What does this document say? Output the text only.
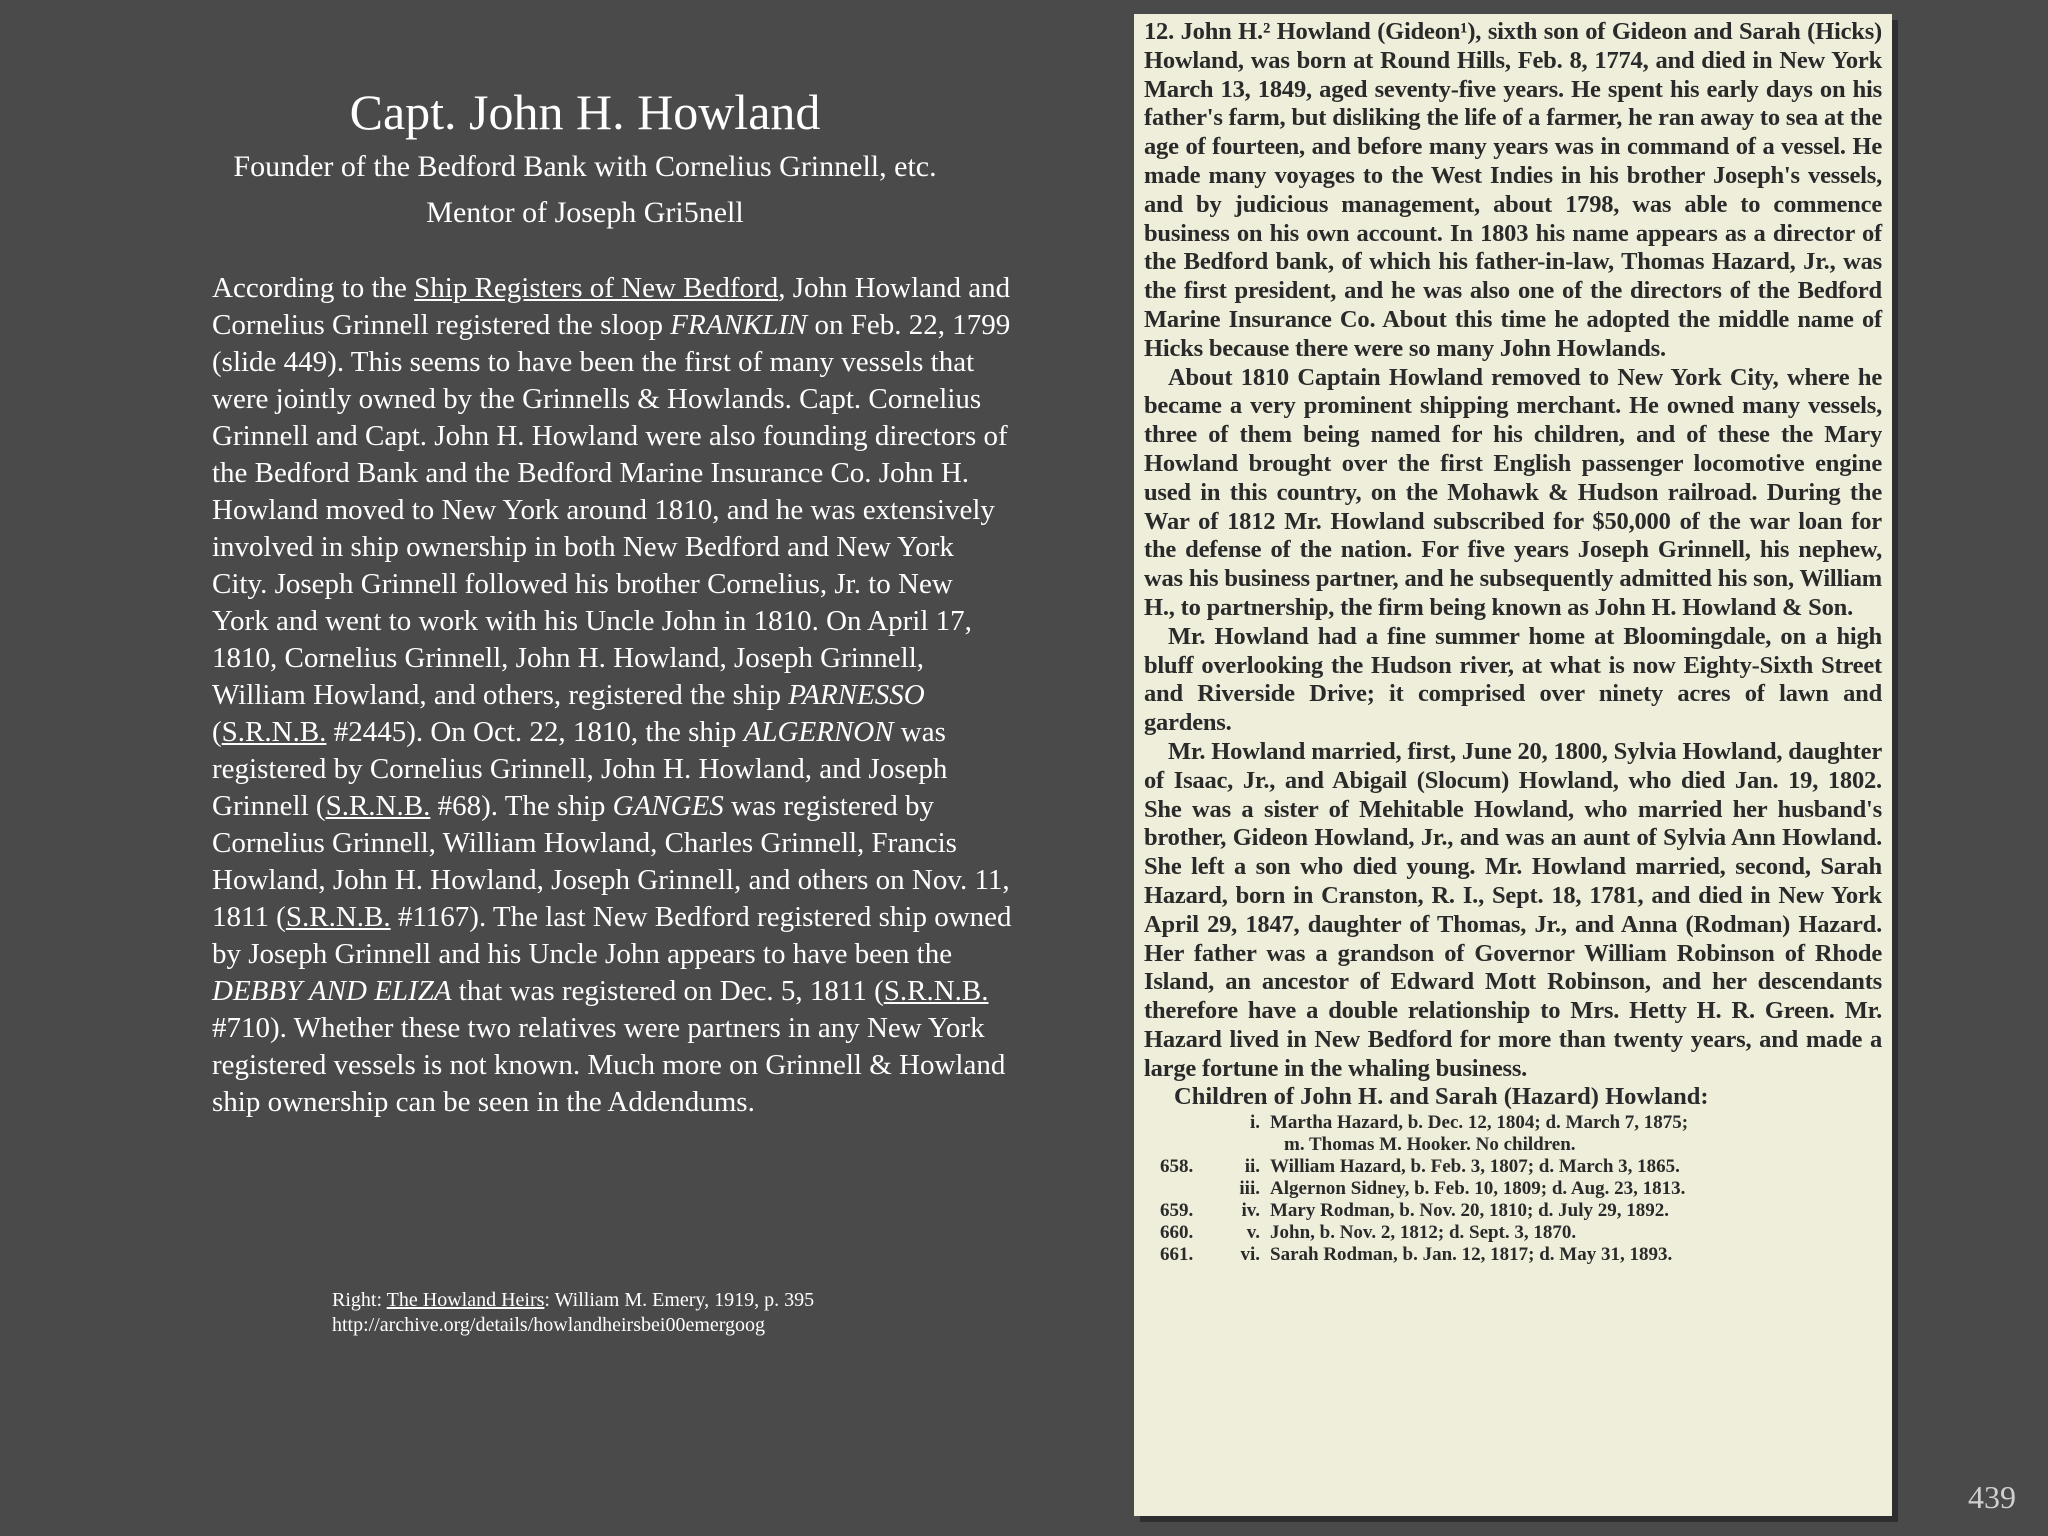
Capt. John H. Howland

Founder of the Bedford Bank with Cornelius Grinnell, etc.

Mentor of Joseph Gri5nell

According to the Ship Registers of New Bedford, John Howland and Cornelius Grinnell registered the sloop FRANKLIN on Feb. 22, 1799 (slide 449). This seems to have been the first of many vessels that were jointly owned by the Grinnells & Howlands. Capt. Cornelius Grinnell and Capt. John H. Howland were also founding directors of the Bedford Bank and the Bedford Marine Insurance Co. John H. Howland moved to New York around 1810, and he was extensively involved in ship ownership in both New Bedford and New York City. Joseph Grinnell followed his brother Cornelius, Jr. to New York and went to work with his Uncle John in 1810. On April 17, 1810, Cornelius Grinnell, John H. Howland, Joseph Grinnell, William Howland, and others, registered the ship PARNESSO (S.R.N.B. #2445). On Oct. 22, 1810, the ship ALGERNON was registered by Cornelius Grinnell, John H. Howland, and Joseph Grinnell (S.R.N.B. #68). The ship GANGES was registered by Cornelius Grinnell, William Howland, Charles Grinnell, Francis Howland, John H. Howland, Joseph Grinnell, and others on Nov. 11, 1811 (S.R.N.B. #1167). The last New Bedford registered ship owned by Joseph Grinnell and his Uncle John appears to have been the DEBBY AND ELIZA that was registered on Dec. 5, 1811 (S.R.N.B. #710). Whether these two relatives were partners in any New York registered vessels is not known. Much more on Grinnell & Howland ship ownership can be seen in the Addendums.

Right: The Howland Heirs: William M. Emery, 1919, p. 395
http://archive.org/details/howlandheirsbei00emergoog

12. John H.² Howland (Gideon¹), sixth son of Gideon and Sarah (Hicks) Howland, was born at Round Hills, Feb. 8, 1774, and died in New York March 13, 1849, aged seventy-five years. He spent his early days on his father's farm, but disliking the life of a farmer, he ran away to sea at the age of fourteen, and before many years was in command of a vessel. He made many voyages to the West Indies in his brother Joseph's vessels, and by judicious management, about 1798, was able to commence business on his own account. In 1803 his name appears as a director of the Bedford bank, of which his father-in-law, Thomas Hazard, Jr., was the first president, and he was also one of the directors of the Bedford Marine Insurance Co. About this time he adopted the middle name of Hicks because there were so many John Howlands.

About 1810 Captain Howland removed to New York City, where he became a very prominent shipping merchant. He owned many vessels, three of them being named for his children, and of these the Mary Howland brought over the first English passenger locomotive engine used in this country, on the Mohawk & Hudson railroad. During the War of 1812 Mr. Howland subscribed for $50,000 of the war loan for the defense of the nation. For five years Joseph Grinnell, his nephew, was his business partner, and he subsequently admitted his son, William H., to partnership, the firm being known as John H. Howland & Son.

Mr. Howland had a fine summer home at Bloomingdale, on a high bluff overlooking the Hudson river, at what is now Eighty-Sixth Street and Riverside Drive; it comprised over ninety acres of lawn and gardens.

Mr. Howland married, first, June 20, 1800, Sylvia Howland, daughter of Isaac, Jr., and Abigail (Slocum) Howland, who died Jan. 19, 1802. She was a sister of Mehitable Howland, who married her husband's brother, Gideon Howland, Jr., and was an aunt of Sylvia Ann Howland. She left a son who died young. Mr. Howland married, second, Sarah Hazard, born in Cranston, R. I., Sept. 18, 1781, and died in New York April 29, 1847, daughter of Thomas, Jr., and Anna (Rodman) Hazard. Her father was a grandson of Governor William Robinson of Rhode Island, an ancestor of Edward Mott Robinson, and her descendants therefore have a double relationship to Mrs. Hetty H. R. Green. Mr. Hazard lived in New Bedford for more than twenty years, and made a large fortune in the whaling business.

Children of John H. and Sarah (Hazard) Howland:
i. Martha Hazard, b. Dec. 12, 1804; d. March 7, 1875;
m. Thomas M. Hooker. No children.
658.	ii. William Hazard, b. Feb. 3, 1807; d. March 3, 1865.
iii. Algernon Sidney, b. Feb. 10, 1809; d. Aug. 23, 1813.
659.	iv. Mary Rodman, b. Nov. 20, 1810; d. July 29, 1892.
660.	v. John, b. Nov. 2, 1812; d. Sept. 3, 1870.
661.	vi. Sarah Rodman, b. Jan. 12, 1817; d. May 31, 1893.
439
